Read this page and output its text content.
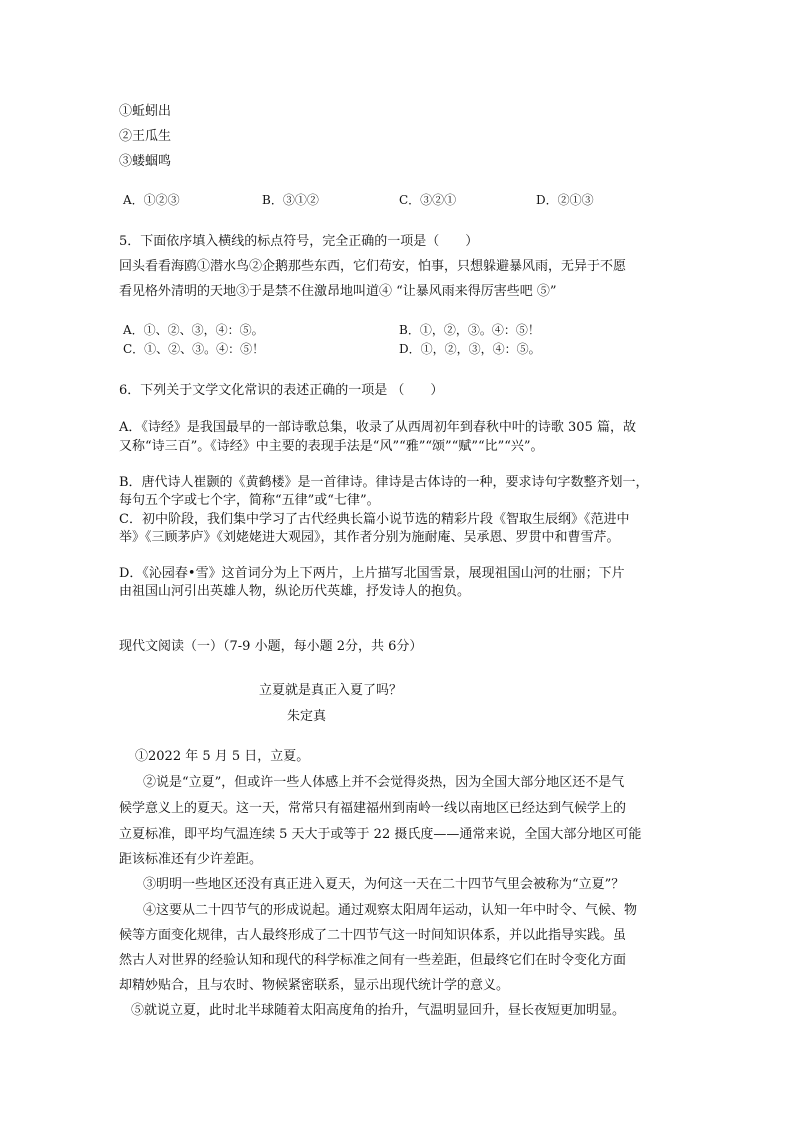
①蚯蚓出
②王瓜生
③蝼蝈鸣
A．①②③	B．③①②	C．③②①	D．②①③
5．下面依序填入横线的标点符号，完全正确的一项是（　　）
回头看看海鸥①潜水鸟②企鹅那些东西，它们苟安，怕事，只想躲避暴风雨，无异于不愿
看见格外清明的天地③于是禁不住激昂地叫道④ “让暴风雨来得厉害些吧 ⑤”
A．①、②、③，④：⑤。	B．①，②，③。④：⑤！
C．①、②、③。④：⑤！	D．①，②，③，④：⑤。
6．下列关于文学文化常识的表述正确的一项是 （　　）
A．《诗经》是我国最早的一部诗歌总集，收录了从西周初年到春秋中叶的诗歌 305 篇，故
又称“诗三百”。《诗经》中主要的表现手法是“风”“雅”“颂”“赋”“比”“兴”。
B．唐代诗人崔颢的《黄鹤楼》是一首律诗。律诗是古体诗的一种，要求诗句字数整齐划一，
每句五个字或七个字，简称“五律”或“七律”。
C．初中阶段，我们集中学习了古代经典长篇小说节选的精彩片段《智取生辰纲》《范进中
举》《三顾茅庐》《刘姥姥进大观园》，其作者分别为施耐庵、吴承恩、罗贯中和曹雪芹。
D．《沁园春•雪》这首词分为上下两片，上片描写北国雪景，展现祖国山河的壮丽；下片
由祖国山河引出英雄人物，纵论历代英雄，抒发诗人的抱负。
现代文阅读（一）（7-9 小题，每小题 2分，共 6分）
立夏就是真正入夏了吗？
朱定真
①2022 年 5 月 5 日，立夏。
②说是“立夏”，但或许一些人体感上并不会觉得炎热，因为全国大部分地区还不是气
候学意义上的夏天。这一天，常常只有福建福州到南岭一线以南地区已经达到气候学上的
立夏标准，即平均气温连续 5 天大于或等于 22 摄氏度——通常来说，全国大部分地区可能
距该标准还有少许差距。
③明明一些地区还没有真正进入夏天，为何这一天在二十四节气里会被称为“立夏”？
④这要从二十四节气的形成说起。通过观察太阳周年运动，认知一年中时令、气候、物
候等方面变化规律，古人最终形成了二十四节气这一时间知识体系，并以此指导实践。虽
然古人对世界的经验认知和现代的科学标准之间有一些差距，但最终它们在时令变化方面
却精妙贴合，且与农时、物候紧密联系，显示出现代统计学的意义。
⑤就说立夏，此时北半球随着太阳高度角的抬升，气温明显回升，昼长夜短更加明显。
